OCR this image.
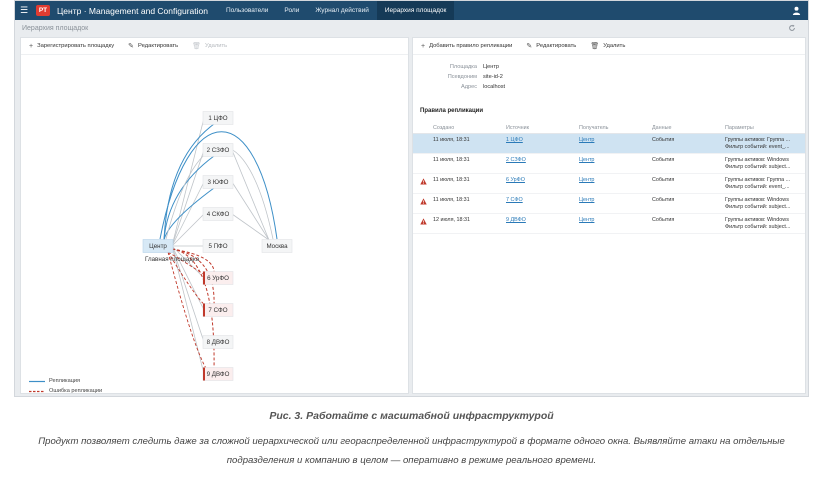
☰	PT	Центр · Management and Configuration	Пользователи	Роли	Журнал действий	Иерархия площадок
Иерархия площадок
+ Зарегистрировать площадку ✎ Редактировать 🗑 Удалить
1 ЦФО
2 СЗФО
3 ЮФО
4 СКФО
5 ПФО
6 УрФО
7 СФО
8 ДВФО
9 ДВФО
Москва
Центр
Главная площадка
Репликация
Ошибка репликации
+ Добавить правило репликации ✎ Редактировать 🗑 Удалить
Площадка Центр
Псевдоним site-id-2
Адрес localhost
Правила репликации
Создано	Источник	Получатель	Данные	Параметры
11 июля, 18:31	1 ЦФО	Центр	События	Группы активов: Группа ...
Фильтр событий: event_...
11 июля, 18:31	2 СЗФО	Центр	События	Группы активов: Windows
Фильтр событий: subject...
11 июля, 18:31	6 УрФО	Центр	События	Группы активов: Группа ...
Фильтр событий: event_...
11 июля, 18:31	7 СФО	Центр	События	Группы активов: Windows
Фильтр событий: subject...
12 июля, 18:31	9 ДВФО	Центр	События	Группы активов: Windows
Фильтр событий: subject...
Рис. 3. Работайте с масштабной инфраструктурой
Продукт позволяет следить даже за сложной иерархической или геораспределенной инфраструктурой в формате одного окна. Выявляйте атаки на отдельные
подразделения и компанию в целом — оперативно в режиме реального времени.
